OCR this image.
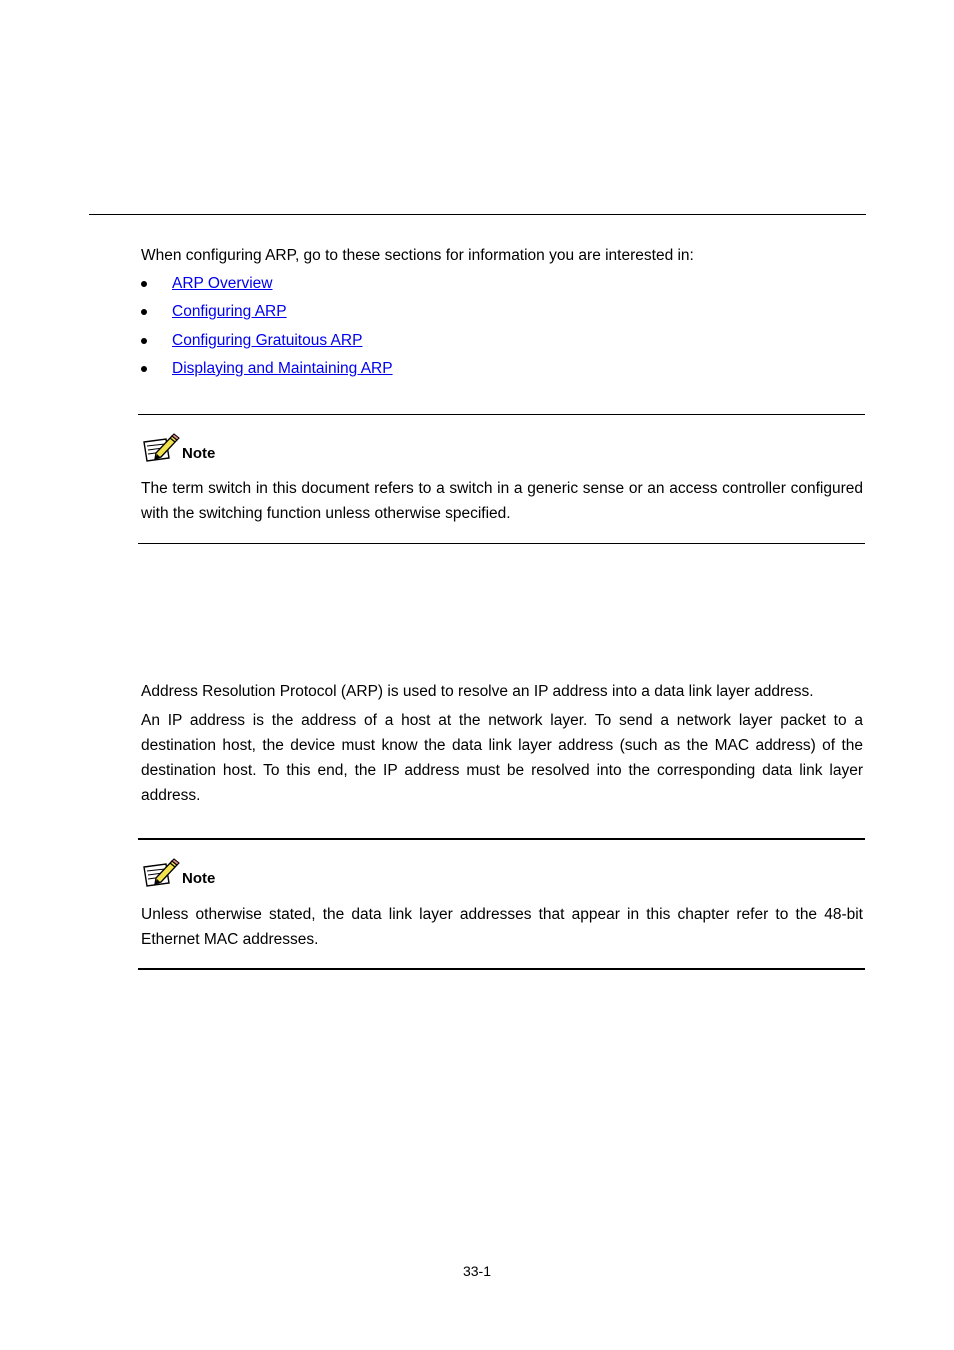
When configuring ARP, go to these sections for information you are interested in:
ARP Overview
Configuring ARP
Configuring Gratuitous ARP
Displaying and Maintaining ARP
Note
The term switch in this document refers to a switch in a generic sense or an access controller configured with the switching function unless otherwise specified.

Address Resolution Protocol (ARP) is used to resolve an IP address into a data link layer address.

An IP address is the address of a host at the network layer. To send a network layer packet to a destination host, the device must know the data link layer address (such as the MAC address) of the destination host. To this end, the IP address must be resolved into the corresponding data link layer address.

Note
Unless otherwise stated, the data link layer addresses that appear in this chapter refer to the 48-bit Ethernet MAC addresses.
33-1
